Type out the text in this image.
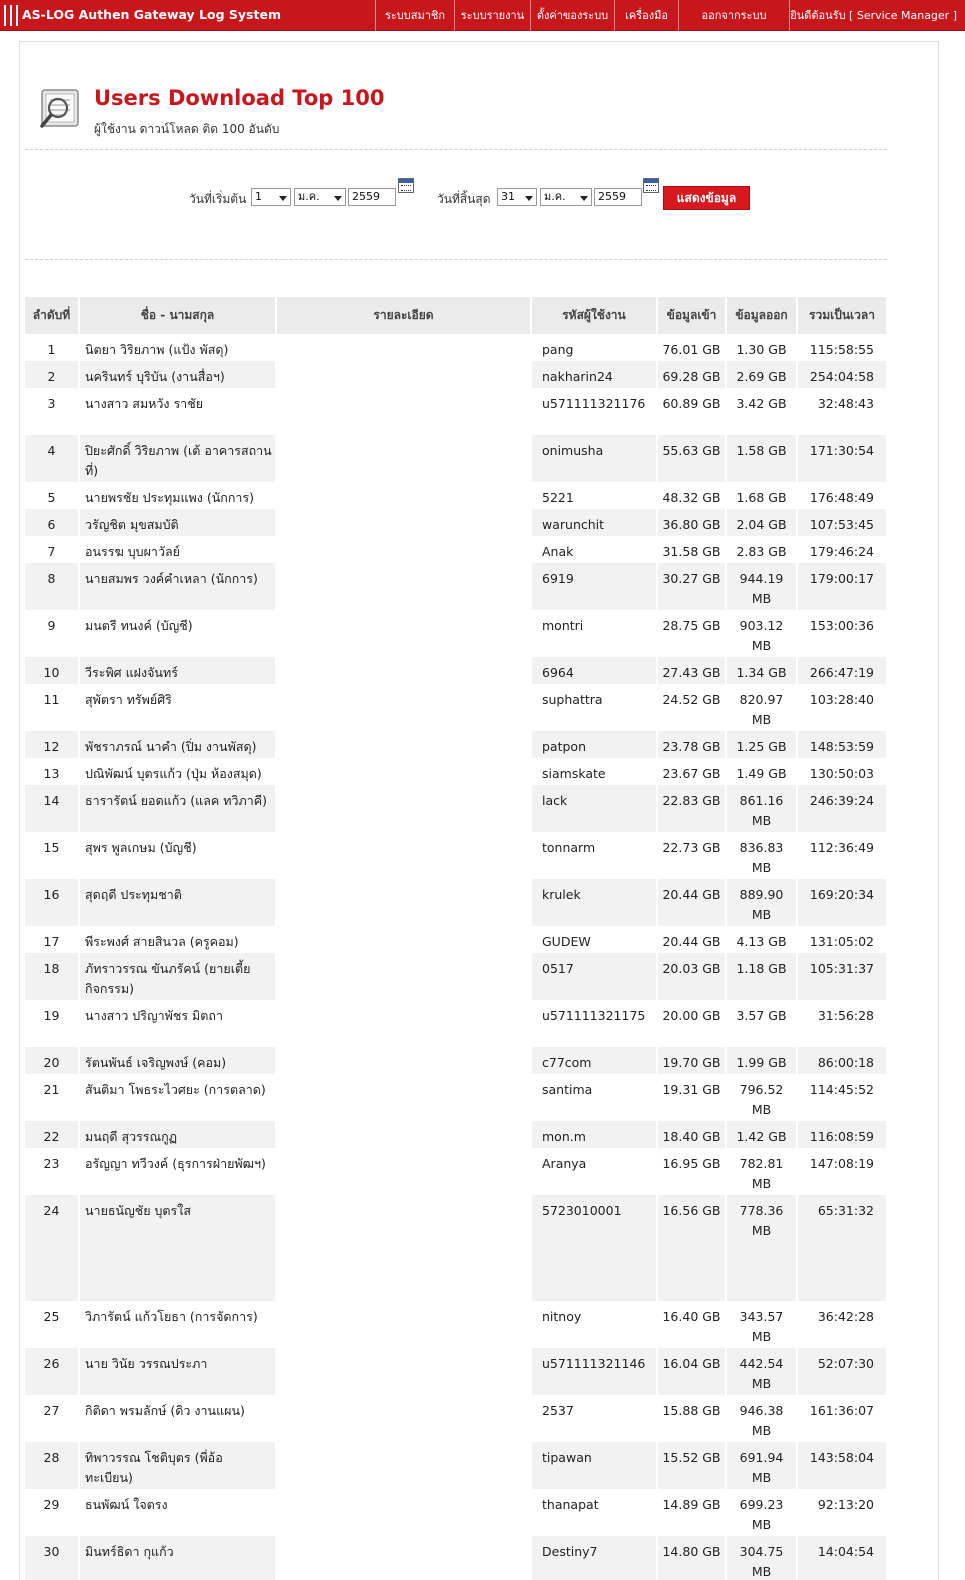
AS-LOG Authen Gateway Log System	ระบบสมาชิก	ระบบรายงาน	ตั้งค่าของระบบ	เครื่องมือ	ออกจากระบบ	ยินดีต้อนรับ [ Service Manager ]
Users Download Top 100
ผู้ใช้งาน ดาวน์โหลด ติด 100 อันดับ
วันที่เริ่มต้น 1	ม.ค.	2559	วันที่สิ้นสุด 31	ม.ค.	2559	แสดงข้อมูล
ลำดับที่	ชื่อ - นามสกุล	รายละเอียด	รหัสผู้ใช้งาน	ข้อมูลเข้า	ข้อมูลออก	รวมเป็นเวลา
1	นิตยา วิริยภาพ (แป้ง พัสดุ)		pang	76.01 GB	1.30 GB	115:58:55
2	นครินทร์ บุริบัน (งานสื่อฯ)		nakharin24	69.28 GB	2.69 GB	254:04:58
3	นางสาว สมหวัง ราชัย		u571111321176	60.89 GB	3.42 GB	32:48:43
4	ปิยะศักดิ์ วิริยภาพ (เต้ อาคารสถานที่)		onimusha	55.63 GB	1.58 GB	171:30:54
5	นายพรชัย ประทุมแพง (นักการ)		5221	48.32 GB	1.68 GB	176:48:49
6	วรัญชิต มุขสมบัติ		warunchit	36.80 GB	2.04 GB	107:53:45
7	อนรรฆ บุบผาวัลย์		Anak	31.58 GB	2.83 GB	179:46:24
8	นายสมพร วงค์คำเหลา (นักการ)		6919	30.27 GB	944.19 MB	179:00:17
9	มนตรี ทนงค์ (บัญชี)		montri	28.75 GB	903.12 MB	153:00:36
10	วีระพิศ แฝงจันทร์		6964	27.43 GB	1.34 GB	266:47:19
11	สุพัตรา ทรัพย์ศิริ		suphattra	24.52 GB	820.97 MB	103:28:40
12	พัชราภรณ์ นาคำ (ปิ่ม งานพัสดุ)		patpon	23.78 GB	1.25 GB	148:53:59
13	ปณิพัฒน์ บุตรแก้ว (ปุ่ม ห้องสมุด)		siamskate	23.67 GB	1.49 GB	130:50:03
14	ธารารัตน์ ยอดแก้ว (แลค ทวิภาคี)		lack	22.83 GB	861.16 MB	246:39:24
15	สุพร พูลเกษม (บัญชี)		tonnarm	22.73 GB	836.83 MB	112:36:49
16	สุดฤดี ประทุมชาติ		krulek	20.44 GB	889.90 MB	169:20:34
17	พีระพงศ์ สายสินวล (ครูคอม)		GUDEW	20.44 GB	4.13 GB	131:05:02
18	ภัทราวรรณ ขันภรัคน์ (ยายเตี้ย กิจกรรม)		0517	20.03 GB	1.18 GB	105:31:37
19	นางสาว ปริญาพัชร มิตถา		u571111321175	20.00 GB	3.57 GB	31:56:28
20	รัตนพันธ์ เจริญพงษ์ (คอม)		c77com	19.70 GB	1.99 GB	86:00:18
21	สันติมา โพธระไวศยะ (การตลาด)		santima	19.31 GB	796.52 MB	114:45:52
22	มนฤดี สุวรรณกูฏ		mon.m	18.40 GB	1.42 GB	116:08:59
23	อรัญญา ทวีวงค์ (ธุรการฝ่ายพัฒฯ)		Aranya	16.95 GB	782.81 MB	147:08:19
24	นายธนัญชัย บุตรใส		5723010001	16.56 GB	778.36 MB	65:31:32
25	วิภารัตน์ แก้วโยธา (การจัดการ)		nitnoy	16.40 GB	343.57 MB	36:42:28
26	นาย วินัย วรรณประภา		u571111321146	16.04 GB	442.54 MB	52:07:30
27	กิติดา พรมลักษ์ (ดิว งานแผน)		2537	15.88 GB	946.38 MB	161:36:07
28	ทิพาวรรณ โชติบุตร (พี่อ้อ ทะเบียน)		tipawan	15.52 GB	691.94 MB	143:58:04
29	ธนพัฒน์ ใจตรง		thanapat	14.89 GB	699.23 MB	92:13:20
30	มินทร์ธิดา กุแก้ว		Destiny7	14.80 GB	304.75 MB	14:04:54
